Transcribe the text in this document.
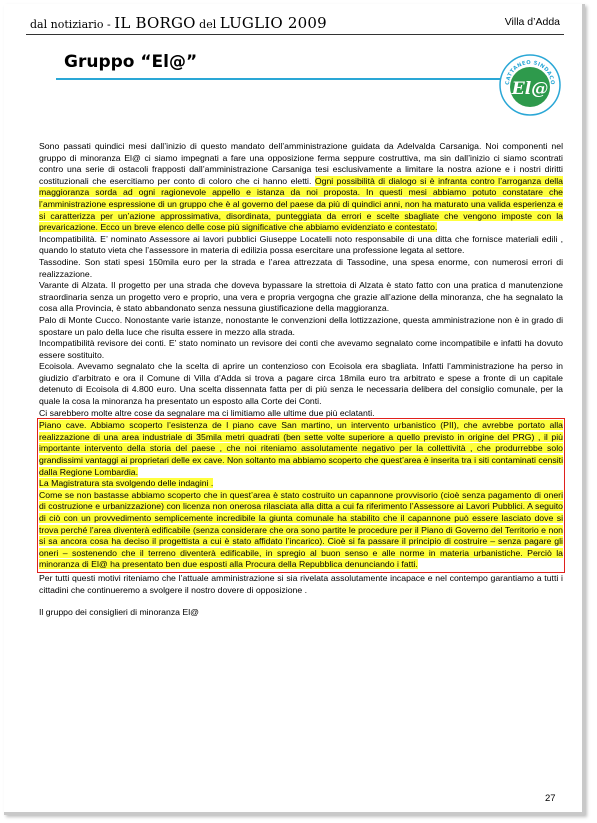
dal notiziario - IL BORGO del LUGLIO 2009	Villa d’Adda
Gruppo “El@”
CATTANEO SINDACO
El@

Sono passati quindici mesi dall’inizio di questo mandato dell’amministrazione guidata da Adelvalda Carsaniga. Noi componenti nel gruppo di minoranza El@ ci siamo impegnati a fare una opposizione ferma seppure costruttiva, ma sin dall’inizio ci siamo scontrati contro una serie di ostacoli frapposti dall’amministrazione Carsaniga tesi esclusivamente a limitare la nostra azione e i nostri diritti costituzionali che esercitiamo per conto di coloro che ci hanno eletti. Ogni possibilità di dialogo si è infranta contro l’arroganza della maggioranza sorda ad ogni ragionevole appello e istanza da noi proposta. In questi mesi abbiamo potuto constatare che l’amministrazione espressione di un gruppo che è al governo del paese da più di quindici anni, non ha maturato una valida esperienza e si caratterizza per un’azione approssimativa, disordinata, punteggiata da errori e scelte sbagliate che vengono imposte con la prevaricazione. Ecco un breve elenco delle cose più significative che abbiamo evidenziato e contestato.

Incompatibilità. E’ nominato Assessore ai lavori pubblici Giuseppe Locatelli noto responsabile di una ditta che fornisce materiali edili , quando lo statuto vieta che l’assessore in materia di edilizia possa esercitare una professione legata al settore.

Tassodine. Son stati spesi 150mila euro per la strada e l’area attrezzata di Tassodine, una spesa enorme, con numerosi errori di realizzazione.

Varante di Alzata. Il progetto per una strada che doveva bypassare la strettoia di Alzata è stato fatto con una pratica d manutenzione straordinaria senza un progetto vero e proprio, una vera e propria vergogna che grazie all’azione della minoranza, che ha segnalato la cosa alla Provincia, è stato abbandonato senza nessuna giustificazione della maggioranza.

Palo di Monte Cucco. Nonostante varie istanze, nonostante le convenzioni della lottizzazione, questa amministrazione non è in grado di spostare un palo della luce che risulta essere in mezzo alla strada.

Incompatibilità revisore dei conti. E’ stato nominato un revisore dei conti che avevamo segnalato come incompatibile e infatti ha dovuto essere sostituito.

Ecoisola. Avevamo segnalato che la scelta di aprire un contenzioso con Ecoisola era sbagliata. Infatti l’amministrazione ha perso in giudizio d’arbitrato e ora il Comune di Villa d’Adda si trova a pagare circa 18mila euro tra arbitrato e spese a fronte di un capitale detenuto di Ecoisola di 4.800 euro. Una scelta dissennata fatta per di più senza le necessaria delibera del consiglio comunale, per la quale la cosa la minoranza ha presentato un esposto alla Corte dei Conti.

Ci sarebbero molte altre cose da segnalare ma ci limitiamo alle ultime due più eclatanti.

Piano cave. Abbiamo scoperto l’esistenza de l piano cave San martino, un intervento urbanistico (PII), che avrebbe portato alla realizzazione di una area industriale di 35mila metri quadrati (ben sette volte superiore a quello previsto in origine del PRG) , il più importante intervento della storia del paese , che noi riteniamo assolutamente negativo per la collettività , che produrrebbe solo grandissimi vantaggi ai proprietari delle ex cave. Non soltanto ma abbiamo scoperto che quest’area è inserita tra i siti contaminati censiti dalla Regione Lombardia.

La Magistratura sta svolgendo delle indagini .

Come se non bastasse abbiamo scoperto che in quest’area è stato costruito un capannone provvisorio (cioè senza pagamento di oneri di costruzione e urbanizzazione) con licenza non onerosa rilasciata alla ditta a cui fa riferimento l’Assessore ai Lavori Pubblici. A seguito di ciò con un provvedimento semplicemente incredibile la giunta comunale ha stabilito che il capannone può essere lasciato dove si trova perché l’area diventerà edificabile (senza considerare che ora sono partite le procedure per il Piano di Governo del Territorio e non si sa ancora cosa ha deciso il progettista a cui è stato affidato l’incarico). Cioè si fa passare il principio di costruire – senza pagare gli oneri – sostenendo che il terreno diventerà edificabile, in spregio al buon senso e alle norme in materia urbanistiche. Perciò la minoranza di El@ ha presentato ben due esposti alla Procura della Repubblica denunciando i fatti.

Per tutti questi motivi riteniamo che l’attuale amministrazione si sia rivelata assolutamente incapace e nel contempo garantiamo a tutti i cittadini che continueremo a svolgere il nostro dovere di opposizione .

Il gruppo dei consiglieri di minoranza El@

27
